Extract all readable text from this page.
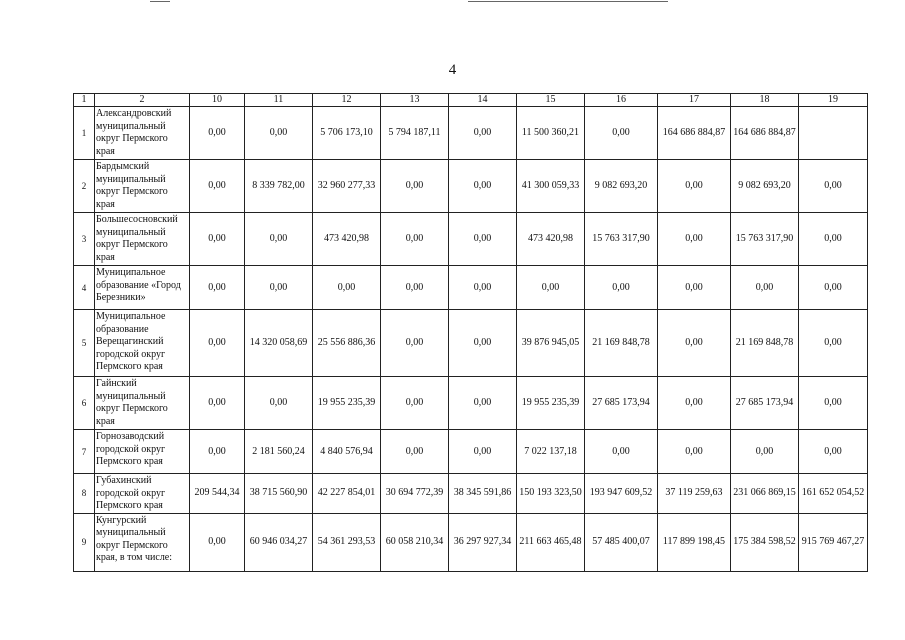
4
1	2	10	11	12	13	14	15	16	17	18	19
1	Александровский муниципальный округ Пермского края	0,00	0,00	5 706 173,10	5 794 187,11	0,00	11 500 360,21	0,00	164 686 884,87	164 686 884,87	
2	Бардымский муниципальный округ Пермского края	0,00	8 339 782,00	32 960 277,33	0,00	0,00	41 300 059,33	9 082 693,20	0,00	9 082 693,20	0,00
3	Большесосновский муниципальный округ Пермского края	0,00	0,00	473 420,98	0,00	0,00	473 420,98	15 763 317,90	0,00	15 763 317,90	0,00
4	Муниципальное образование «Город Березники»	0,00	0,00	0,00	0,00	0,00	0,00	0,00	0,00	0,00	0,00
5	Муниципальное образование Верещагинский городской округ Пермского края	0,00	14 320 058,69	25 556 886,36	0,00	0,00	39 876 945,05	21 169 848,78	0,00	21 169 848,78	0,00
6	Гайнский муниципальный округ Пермского края	0,00	0,00	19 955 235,39	0,00	0,00	19 955 235,39	27 685 173,94	0,00	27 685 173,94	0,00
7	Горнозаводский городской округ Пермского края	0,00	2 181 560,24	4 840 576,94	0,00	0,00	7 022 137,18	0,00	0,00	0,00	0,00
8	Губахинский городской округ Пермского края	209 544,34	38 715 560,90	42 227 854,01	30 694 772,39	38 345 591,86	150 193 323,50	193 947 609,52	37 119 259,63	231 066 869,15	161 652 054,52
9	Кунгурский муниципальный округ Пермского края, в том числе:	0,00	60 946 034,27	54 361 293,53	60 058 210,34	36 297 927,34	211 663 465,48	57 485 400,07	117 899 198,45	175 384 598,52	915 769 467,27
